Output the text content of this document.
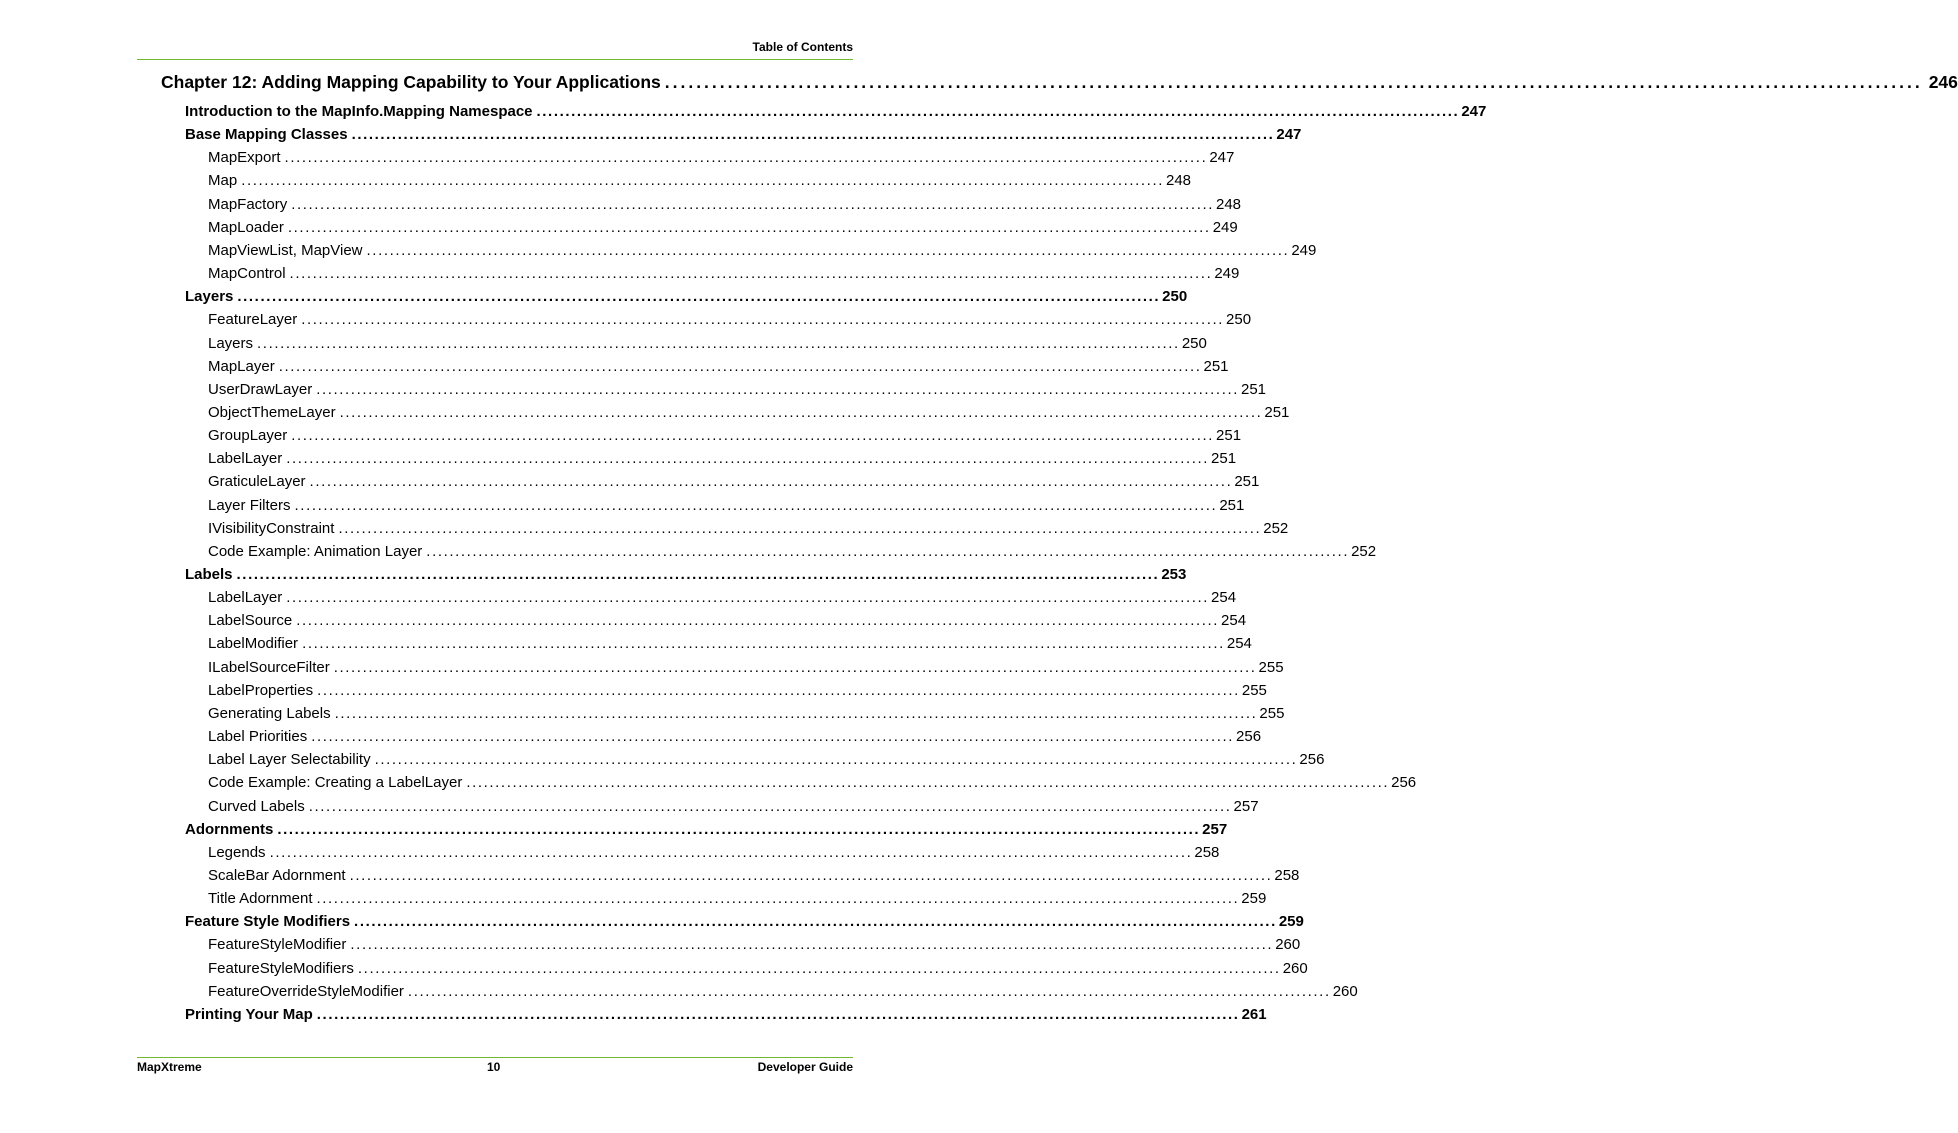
Table of Contents
Chapter 12: Adding Mapping Capability to Your Applications ................................................................................................................................................................ 246
Introduction to the MapInfo.Mapping Namespace ................................................................................................................................................................ 247
Base Mapping Classes ................................................................................................................................................................ 247
MapExport ................................................................................................................................................................ 247
Map ................................................................................................................................................................ 248
MapFactory ................................................................................................................................................................ 248
MapLoader ................................................................................................................................................................ 249
MapViewList, MapView ................................................................................................................................................................ 249
MapControl ................................................................................................................................................................ 249
Layers ................................................................................................................................................................ 250
FeatureLayer ................................................................................................................................................................ 250
Layers ................................................................................................................................................................ 250
MapLayer ................................................................................................................................................................ 251
UserDrawLayer ................................................................................................................................................................ 251
ObjectThemeLayer ................................................................................................................................................................ 251
GroupLayer ................................................................................................................................................................ 251
LabelLayer ................................................................................................................................................................ 251
GraticuleLayer ................................................................................................................................................................ 251
Layer Filters ................................................................................................................................................................ 251
IVisibilityConstraint ................................................................................................................................................................ 252
Code Example: Animation Layer ................................................................................................................................................................ 252
Labels ................................................................................................................................................................ 253
LabelLayer ................................................................................................................................................................ 254
LabelSource ................................................................................................................................................................ 254
LabelModifier ................................................................................................................................................................ 254
ILabelSourceFilter ................................................................................................................................................................ 255
LabelProperties ................................................................................................................................................................ 255
Generating Labels ................................................................................................................................................................ 255
Label Priorities ................................................................................................................................................................ 256
Label Layer Selectability ................................................................................................................................................................ 256
Code Example: Creating a LabelLayer ................................................................................................................................................................ 256
Curved Labels ................................................................................................................................................................ 257
Adornments ................................................................................................................................................................ 257
Legends ................................................................................................................................................................ 258
ScaleBar Adornment ................................................................................................................................................................ 258
Title Adornment ................................................................................................................................................................ 259
Feature Style Modifiers ................................................................................................................................................................ 259
FeatureStyleModifier ................................................................................................................................................................ 260
FeatureStyleModifiers ................................................................................................................................................................ 260
FeatureOverrideStyleModifier ................................................................................................................................................................ 260
Printing Your Map ................................................................................................................................................................ 261
MapXtreme	10	Developer Guide
